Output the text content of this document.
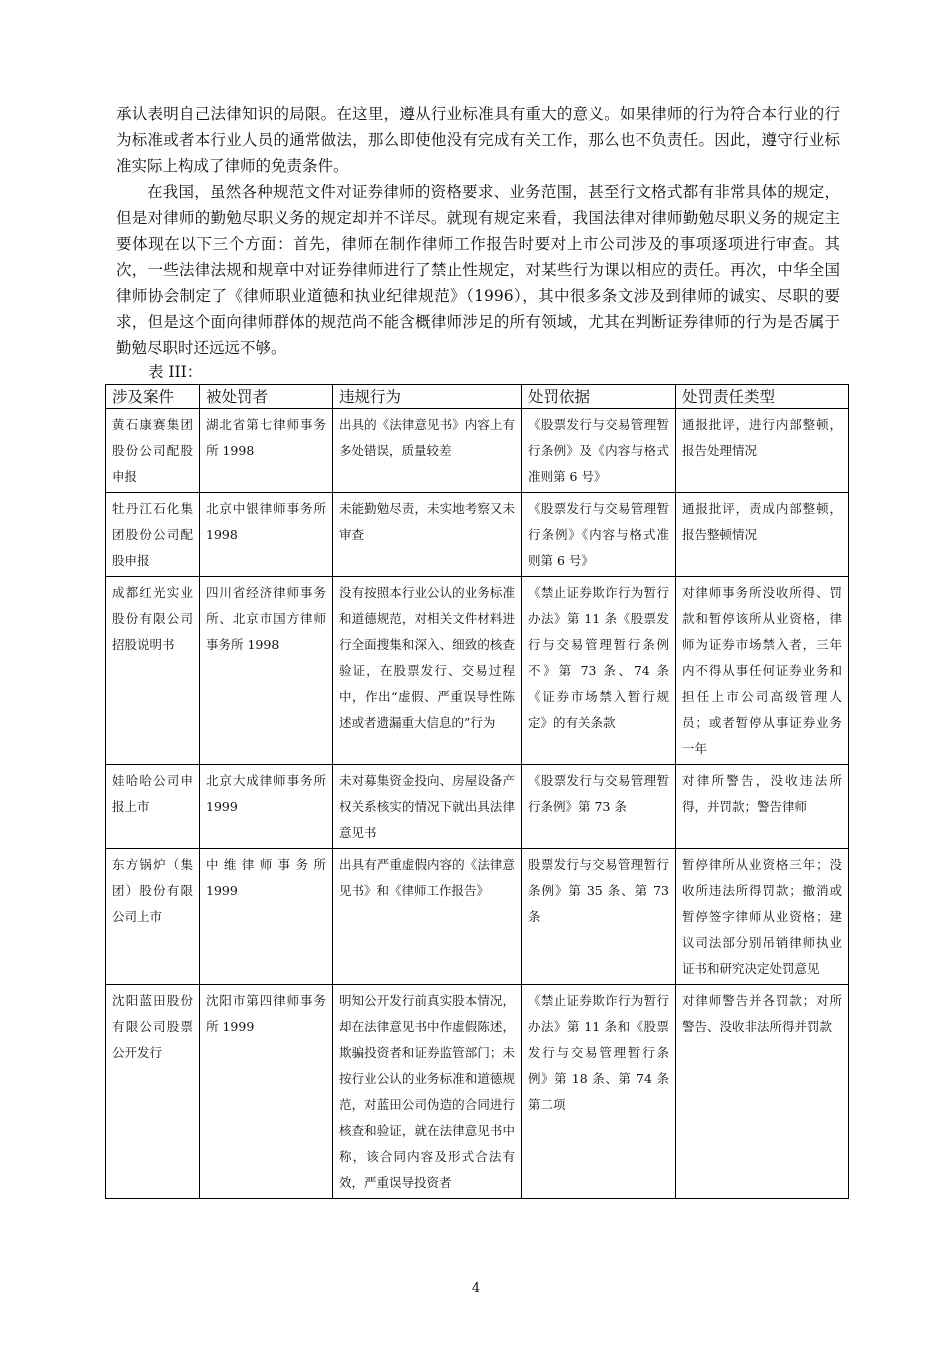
承认表明自己法律知识的局限。在这里，遵从行业标准具有重大的意义。如果律师的行为符合本行业的行为标准或者本行业人员的通常做法，那么即使他没有完成有关工作，那么也不负责任。因此，遵守行业标准实际上构成了律师的免责条件。

在我国，虽然各种规范文件对证券律师的资格要求、业务范围，甚至行文格式都有非常具体的规定，但是对律师的勤勉尽职义务的规定却并不详尽。就现有规定来看，我国法律对律师勤勉尽职义务的规定主要体现在以下三个方面：首先，律师在制作律师工作报告时要对上市公司涉及的事项逐项进行审查。其次，一些法律法规和规章中对证券律师进行了禁止性规定，对某些行为课以相应的责任。再次，中华全国律师协会制定了《律师职业道德和执业纪律规范》（1996），其中很多条文涉及到律师的诚实、尽职的要求，但是这个面向律师群体的规范尚不能含概律师涉足的所有领域，尤其在判断证券律师的行为是否属于勤勉尽职时还远远不够。

表 III：
涉及案件	被处罚者	违规行为	处罚依据	处罚责任类型
黄石康赛集团股份公司配股申报	湖北省第七律师事务所 1998	出具的《法律意见书》内容上有多处错误，质量较差	《股票发行与交易管理暂行条例》及《内容与格式准则第 6 号》	通报批评，进行内部整顿，报告处理情况
牡丹江石化集团股份公司配股申报	北京中银律师事务所 1998	未能勤勉尽责，未实地考察又未审查	《股票发行与交易管理暂行条例》《内容与格式准则第 6 号》	通报批评，责成内部整顿，报告整顿情况
成都红光实业股份有限公司招股说明书	四川省经济律师事务所、北京市国方律师事务所 1998	没有按照本行业公认的业务标准和道德规范，对相关文件材料进行全面搜集和深入、细致的核查验证，在股票发行、交易过程中，作出“虚假、严重误导性陈述或者遗漏重大信息的”行为	《禁止证券欺诈行为暂行办法》第 11 条《股票发行与交易管理暂行条例不》第 73 条、74 条《证券市场禁入暂行规定》的有关条款	对律师事务所没收所得、罚款和暂停该所从业资格，律师为证券市场禁入者，三年内不得从事任何证券业务和担任上市公司高级管理人员；或者暂停从事证券业务一年
娃哈哈公司申报上市	北京大成律师事务所 1999	未对募集资金投向、房屋设备产权关系核实的情况下就出具法律意见书	《股票发行与交易管理暂行条例》第 73 条	对律所警告，没收违法所得，并罚款；警告律师
东方锅炉（集团）股份有限公司上市	中维律师事务所 1999	出具有严重虚假内容的《法律意见书》和《律师工作报告》	股票发行与交易管理暂行条例》第 35 条、第 73 条	暂停律所从业资格三年；没收所违法所得罚款；撤消或暂停签字律师从业资格；建议司法部分别吊销律师执业证书和研究决定处罚意见
沈阳蓝田股份有限公司股票公开发行	沈阳市第四律师事务所 1999	明知公开发行前真实股本情况，却在法律意见书中作虚假陈述，欺骗投资者和证券监管部门；未按行业公认的业务标准和道德规范，对蓝田公司伪造的合同进行核查和验证，就在法律意见书中称，该合同内容及形式合法有效，严重误导投资者	《禁止证券欺诈行为暂行办法》第 11 条和《股票发行与交易管理暂行条例》第 18 条、第 74 条第二项	对律师警告并各罚款；对所警告、没收非法所得并罚款
4
